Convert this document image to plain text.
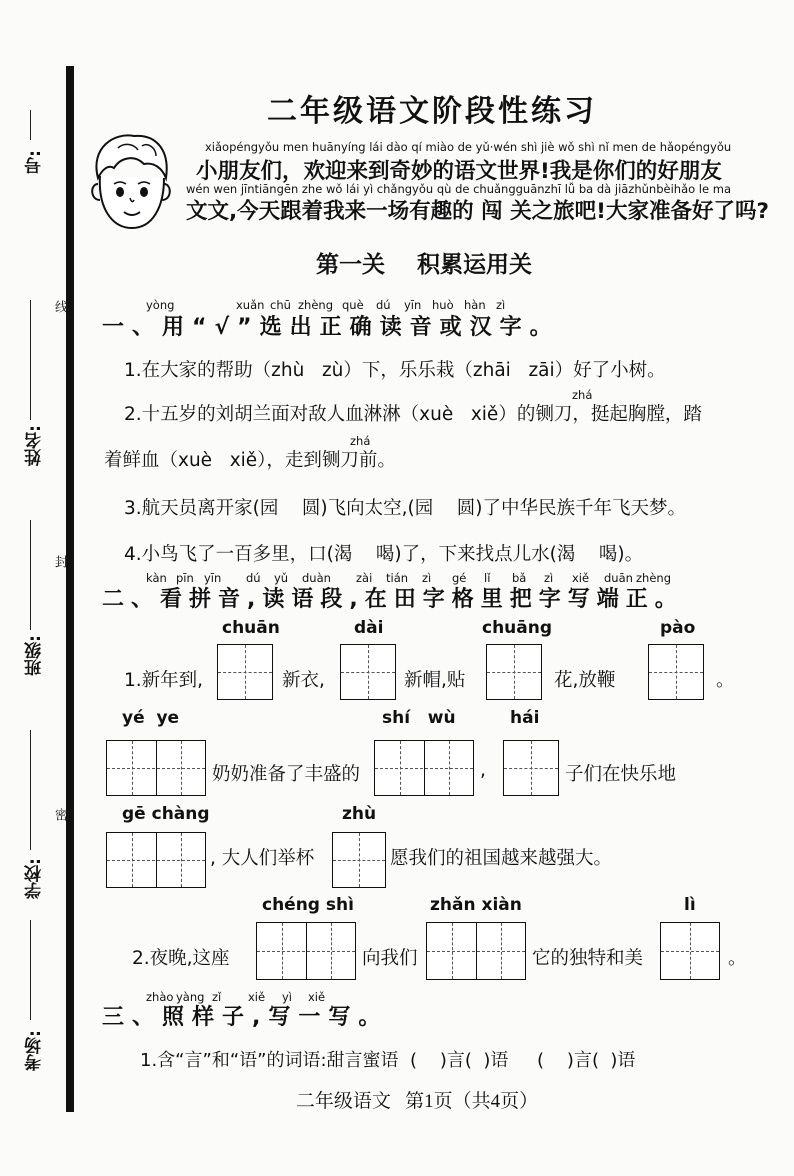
号:
线
姓名:
封
班级:
密
学校:
考场:
二年级语文阶段性练习
xiǎopéngyǒu men huānyíng lái dào qí miào de yǔ·wén shì jiè wǒ shì nǐ men de hǎopéngyǒu
小朋友们，欢迎来到奇妙的语文世界!我是你们的好朋友
wén wen jīntiāngēn zhe wǒ lái yì chǎngyǒu qù de chuǎngguānzhī lǚ ba dà jiāzhǔnbèihǎo le ma
文文,今天跟着我来一场有趣的 闯 关之旅吧!大家准备好了吗?
第一关    积累运用关
yòng	xuǎn chū zhèng què dú yīn huò hàn zì
一、用“√”选出正确读音或汉字。
1.在大家的帮助（zhù   zù）下，乐乐栽（zhāi   zāi）好了小树。
zhá
2.十五岁的刘胡兰面对敌人血淋淋（xuè   xiě）的铡刀，挺起胸膛，踏
zhá
着鲜血（xuè   xiě），走到铡刀前。
3.航天员离开家(园    圆)飞向太空,(园    圆)了中华民族千年飞天梦。
4.小鸟飞了一百多里，口(渴    喝)了，下来找点儿水(渴    喝)。
kàn pīn yīn dú yǔ duàn zài tián zì gé lǐ bǎ zì xiě duān zhèng
二、看拼音,读语段,在田字格里把字写端正。
chuān	dài	chuāng	pào
1.新年到,	新衣,	新帽,贴	花,放鞭	。
yé  ye	shí   wù	hái
奶奶准备了丰盛的	,	子们在快乐地
gē chàng	zhù
, 大人们举杯	愿我们的祖国越来越强大。
chéng shì	zhǎn xiàn	lì
2.夜晚,这座	向我们	它的独特和美	。
zhào yàng zǐ xiě yì xiě
三、照样子,写一写。
1.含“言”和“语”的词语:甜言蜜语  (    )言(  )语     (    )言(  )语
二年级语文   第1页（共4页）
